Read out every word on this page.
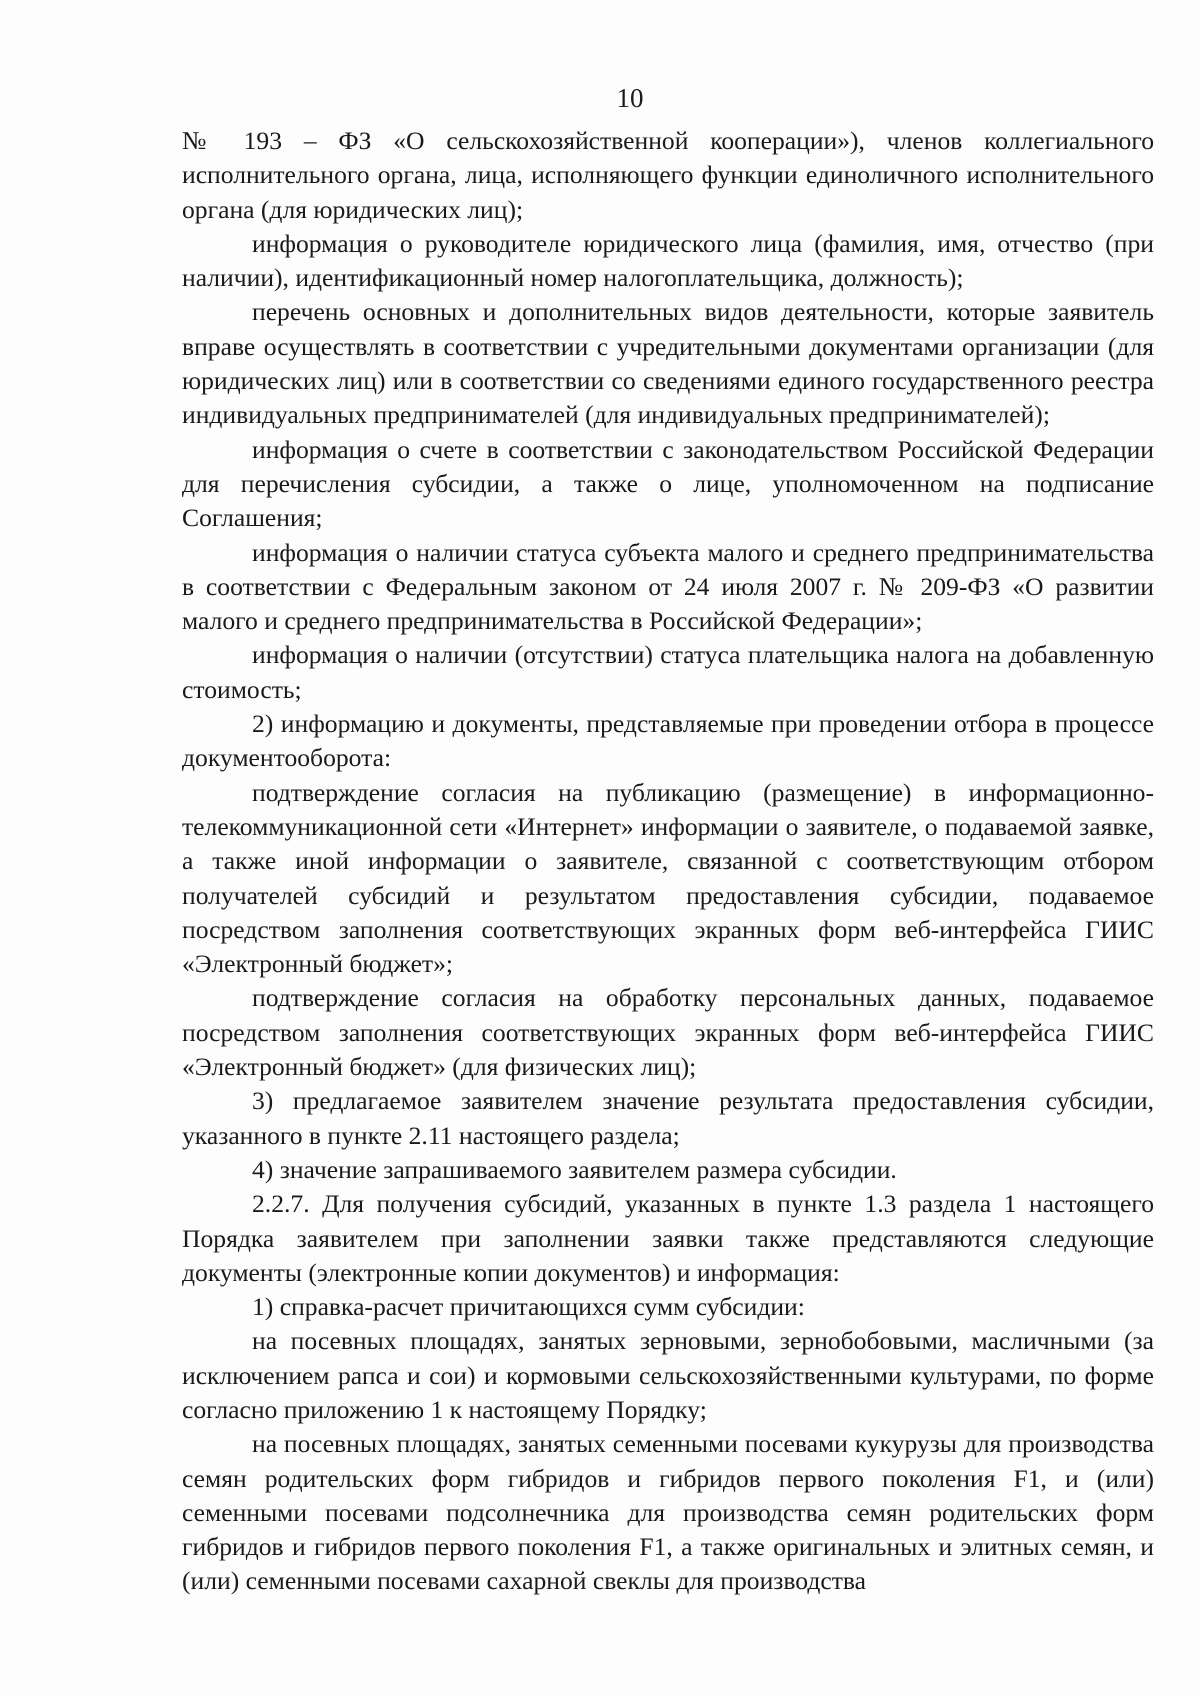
10

№ 193 – ФЗ «О сельскохозяйственной кооперации»), членов коллегиального исполнительного органа, лица, исполняющего функции единоличного исполнительного органа (для юридических лиц);

информация о руководителе юридического лица (фамилия, имя, отчество (при наличии), идентификационный номер налогоплательщика, должность);

перечень основных и дополнительных видов деятельности, которые заявитель вправе осуществлять в соответствии с учредительными документами организации (для юридических лиц) или в соответствии со сведениями единого государственного реестра индивидуальных предпринимателей (для индивидуальных предпринимателей);

информация о счете в соответствии с законодательством Российской Федерации для перечисления субсидии, а также о лице, уполномоченном на подписание Соглашения;

информация о наличии статуса субъекта малого и среднего предпринимательства в соответствии с Федеральным законом от 24 июля 2007 г. № 209-ФЗ «О развитии малого и среднего предпринимательства в Российской Федерации»;

информация о наличии (отсутствии) статуса плательщика налога на добавленную стоимость;

2) информацию и документы, представляемые при проведении отбора в процессе документооборота:

подтверждение согласия на публикацию (размещение) в информационно-телекоммуникационной сети «Интернет» информации о заявителе, о подаваемой заявке, а также иной информации о заявителе, связанной с соответствующим отбором получателей субсидий и результатом предоставления субсидии, подаваемое посредством заполнения соответствующих экранных форм веб-интерфейса ГИИС «Электронный бюджет»;

подтверждение согласия на обработку персональных данных, подаваемое посредством заполнения соответствующих экранных форм веб-интерфейса ГИИС «Электронный бюджет» (для физических лиц);

3) предлагаемое заявителем значение результата предоставления субсидии, указанного в пункте 2.11 настоящего раздела;

4) значение запрашиваемого заявителем размера субсидии.

2.2.7. Для получения субсидий, указанных в пункте 1.3 раздела 1 настоящего Порядка заявителем при заполнении заявки также представляются следующие документы (электронные копии документов) и информация:

1) справка-расчет причитающихся сумм субсидии:

на посевных площадях, занятых зерновыми, зернобобовыми, масличными (за исключением рапса и сои) и кормовыми сельскохозяйственными культурами, по форме согласно приложению 1 к настоящему Порядку;

на посевных площадях, занятых семенными посевами кукурузы для производства семян родительских форм гибридов и гибридов первого поколения F1, и (или) семенными посевами подсолнечника для производства семян родительских форм гибридов и гибридов первого поколения F1, а также оригинальных и элитных семян, и (или) семенными посевами сахарной свеклы для производства
